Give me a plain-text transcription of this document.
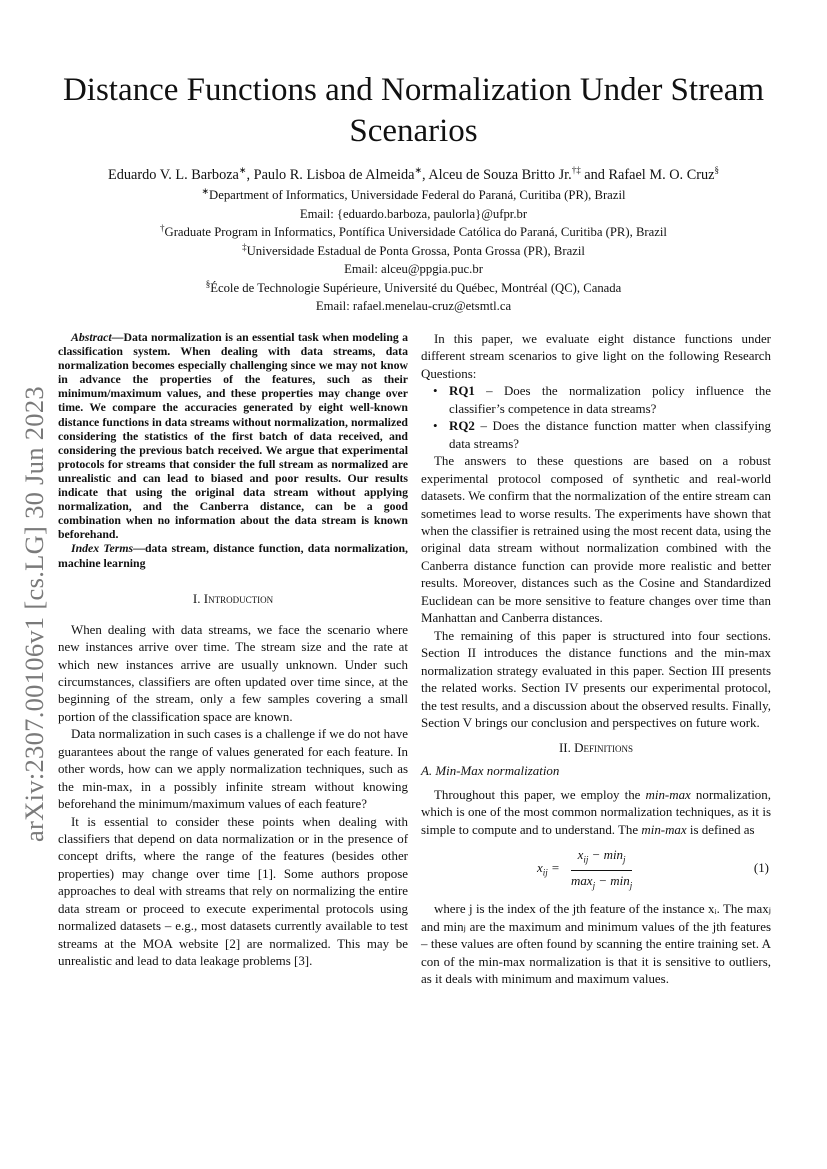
arXiv:2307.00106v1 [cs.LG] 30 Jun 2023
Distance Functions and Normalization Under Stream Scenarios
Eduardo V. L. Barboza∗, Paulo R. Lisboa de Almeida∗, Alceu de Souza Britto Jr.†‡ and Rafael M. O. Cruz§
∗Department of Informatics, Universidade Federal do Paraná, Curitiba (PR), Brazil
Email: {eduardo.barboza, paulorla}@ufpr.br
†Graduate Program in Informatics, Pontífica Universidade Católica do Paraná, Curitiba (PR), Brazil
‡Universidade Estadual de Ponta Grossa, Ponta Grossa (PR), Brazil
Email: alceu@ppgia.puc.br
§École de Technologie Supérieure, Université du Québec, Montréal (QC), Canada
Email: rafael.menelau-cruz@etsmtl.ca

Abstract—Data normalization is an essential task when modeling a classification system. When dealing with data streams, data normalization becomes especially challenging since we may not know in advance the properties of the features, such as their minimum/maximum values, and these properties may change over time. We compare the accuracies generated by eight well-known distance functions in data streams without normalization, normalized considering the statistics of the first batch of data received, and considering the previous batch received. We argue that experimental protocols for streams that consider the full stream as normalized are unrealistic and can lead to biased and poor results. Our results indicate that using the original data stream without applying normalization, and the Canberra distance, can be a good combination when no information about the data stream is known beforehand.

Index Terms—data stream, distance function, data normalization, machine learning

I. Introduction

When dealing with data streams, we face the scenario where new instances arrive over time. The stream size and the rate at which new instances arrive are usually unknown. Under such circumstances, classifiers are often updated over time since, at the beginning of the stream, only a few samples covering a small portion of the classification space are known.

Data normalization in such cases is a challenge if we do not have guarantees about the range of values generated for each feature. In other words, how can we apply normalization techniques, such as the min-max, in a possibly infinite stream without knowing beforehand the minimum/maximum values of each feature?

It is essential to consider these points when dealing with classifiers that depend on data normalization or in the presence of concept drifts, where the range of the features (besides other properties) may change over time [1]. Some authors propose approaches to deal with streams that rely on normalizing the entire data stream or proceed to execute experimental protocols using normalized datasets – e.g., most datasets currently available to test streams at the MOA website [2] are normalized. This may be unrealistic and lead to data leakage problems [3].

In this paper, we evaluate eight distance functions under different stream scenarios to give light on the following Research Questions:

• RQ1 – Does the normalization policy influence the classifier’s competence in data streams?
• RQ2 – Does the distance function matter when classifying data streams?

The answers to these questions are based on a robust experimental protocol composed of synthetic and real-world datasets. We confirm that the normalization of the entire stream can sometimes lead to worse results. The experiments have shown that when the classifier is retrained using the most recent data, using the original data stream without normalization combined with the Canberra distance function can provide more realistic and better results. Moreover, distances such as the Cosine and Standardized Euclidean can be more sensitive to feature changes over time than Manhattan and Canberra distances.

The remaining of this paper is structured into four sections. Section II introduces the distance functions and the min-max normalization strategy evaluated in this paper. Section III presents the related works. Section IV presents our experimental protocol, the test results, and a discussion about the observed results. Finally, Section V brings our conclusion and perspectives on future work.

II. Definitions
A. Min-Max normalization

Throughout this paper, we employ the min-max normalization, which is one of the most common normalization techniques, as it is simple to compute and to understand. The min-max is defined as

$x_{ij}$ =
$x_{ij} - \min_j$
$\max_j - \min_j$
(1)

where j is the index of the jth feature of the instance xᵢ. The maxⱼ and minⱼ are the maximum and minimum values of the jth features – these values are often found by scanning the entire training set. A con of the min-max normalization is that it is sensitive to outliers, as it deals with minimum and maximum values.
